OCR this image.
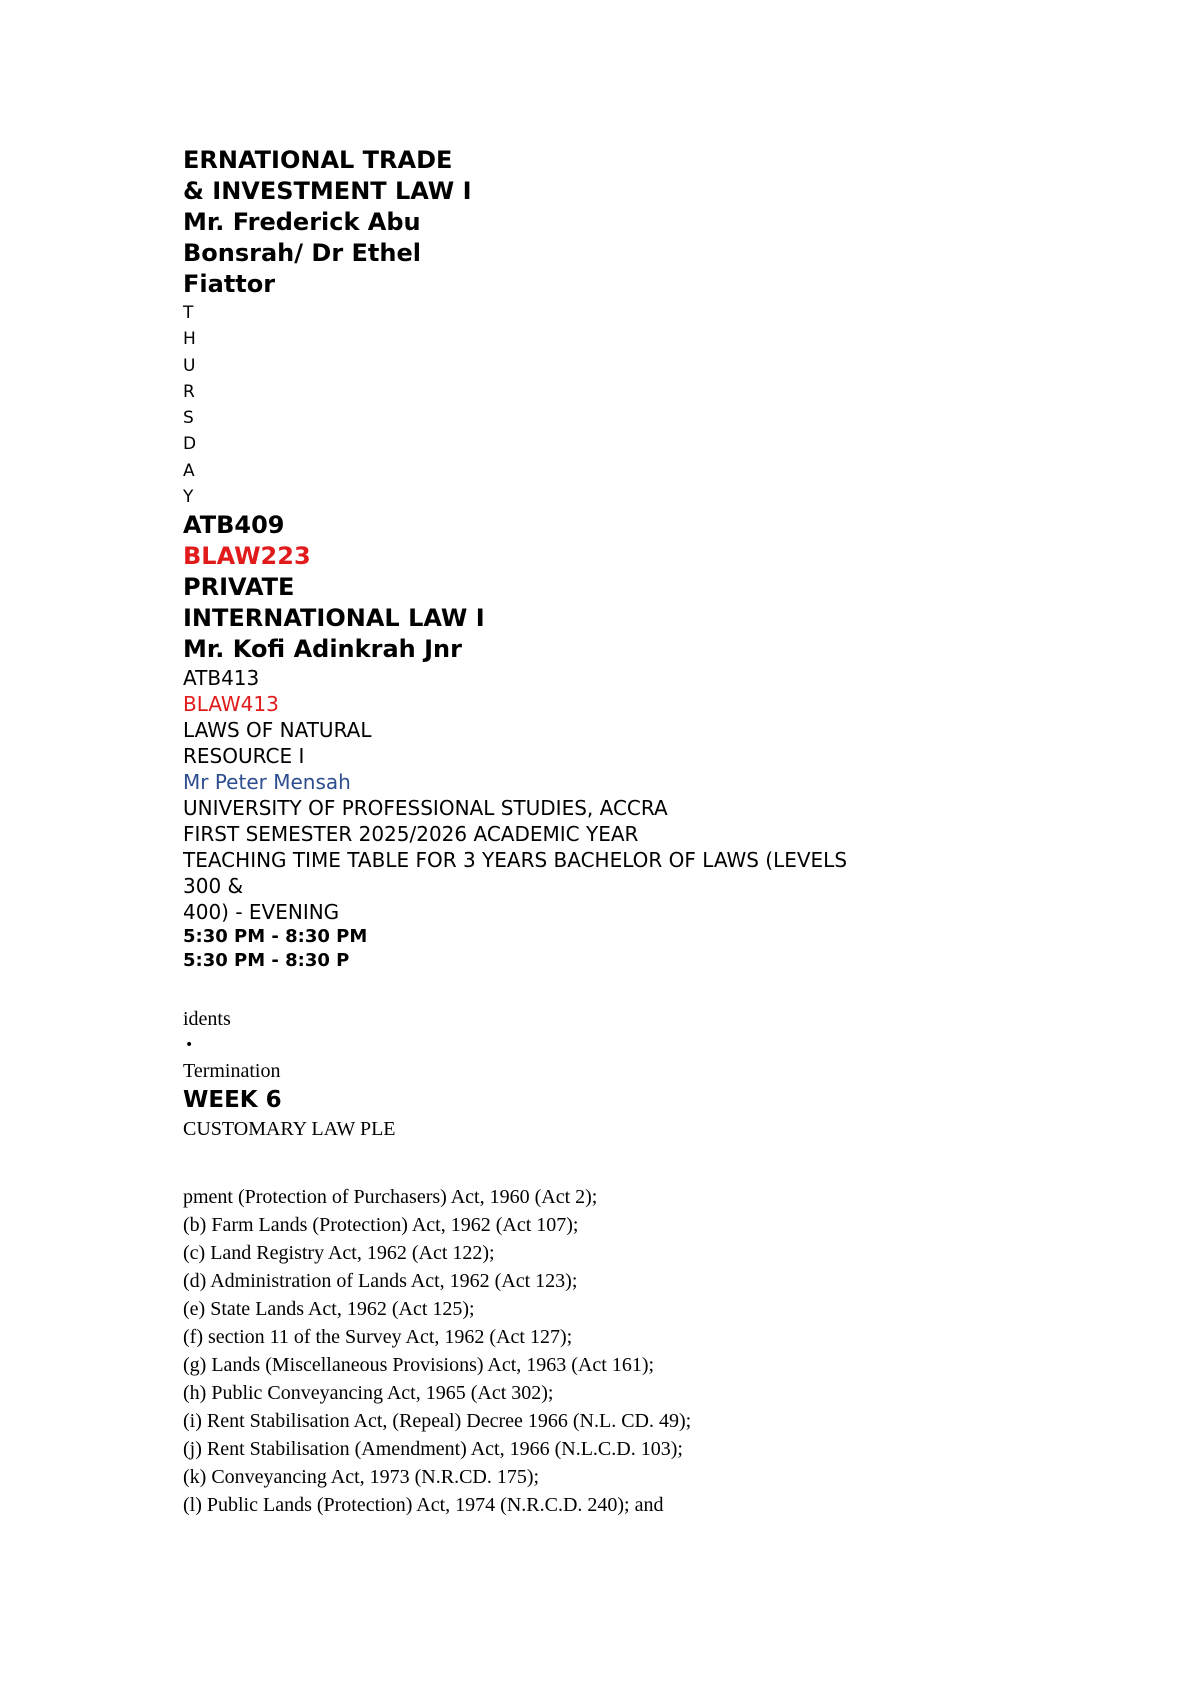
ERNATIONAL TRADE
& INVESTMENT LAW I
Mr. Frederick Abu
Bonsrah/ Dr Ethel
Fiattor
T
H
U
R
S
D
A
Y
ATB409
BLAW223
PRIVATE
INTERNATIONAL LAW I
Mr. Kofi Adinkrah Jnr
ATB413
BLAW413
LAWS OF NATURAL
RESOURCE I
Mr Peter Mensah
UNIVERSITY OF PROFESSIONAL STUDIES, ACCRA
FIRST SEMESTER 2025/2026 ACADEMIC YEAR
TEACHING TIME TABLE FOR 3 YEARS BACHELOR OF LAWS (LEVELS
300 &
400) - EVENING
5:30 PM - 8:30 PM
5:30 PM - 8:30 P
idents
•
Termination
WEEK 6
CUSTOMARY LAW PLE
pment (Protection of Purchasers) Act, 1960 (Act 2);
(b) Farm Lands (Protection) Act, 1962 (Act 107);
(c) Land Registry Act, 1962 (Act 122);
(d) Administration of Lands Act, 1962 (Act 123);
(e) State Lands Act, 1962 (Act 125);
(f) section 11 of the Survey Act, 1962 (Act 127);
(g) Lands (Miscellaneous Provisions) Act, 1963 (Act 161);
(h) Public Conveyancing Act, 1965 (Act 302);
(i) Rent Stabilisation Act, (Repeal) Decree 1966 (N.L. CD. 49);
(j) Rent Stabilisation (Amendment) Act, 1966 (N.L.C.D. 103);
(k) Conveyancing Act, 1973 (N.R.CD. 175);
(l) Public Lands (Protection) Act, 1974 (N.R.C.D. 240); and
